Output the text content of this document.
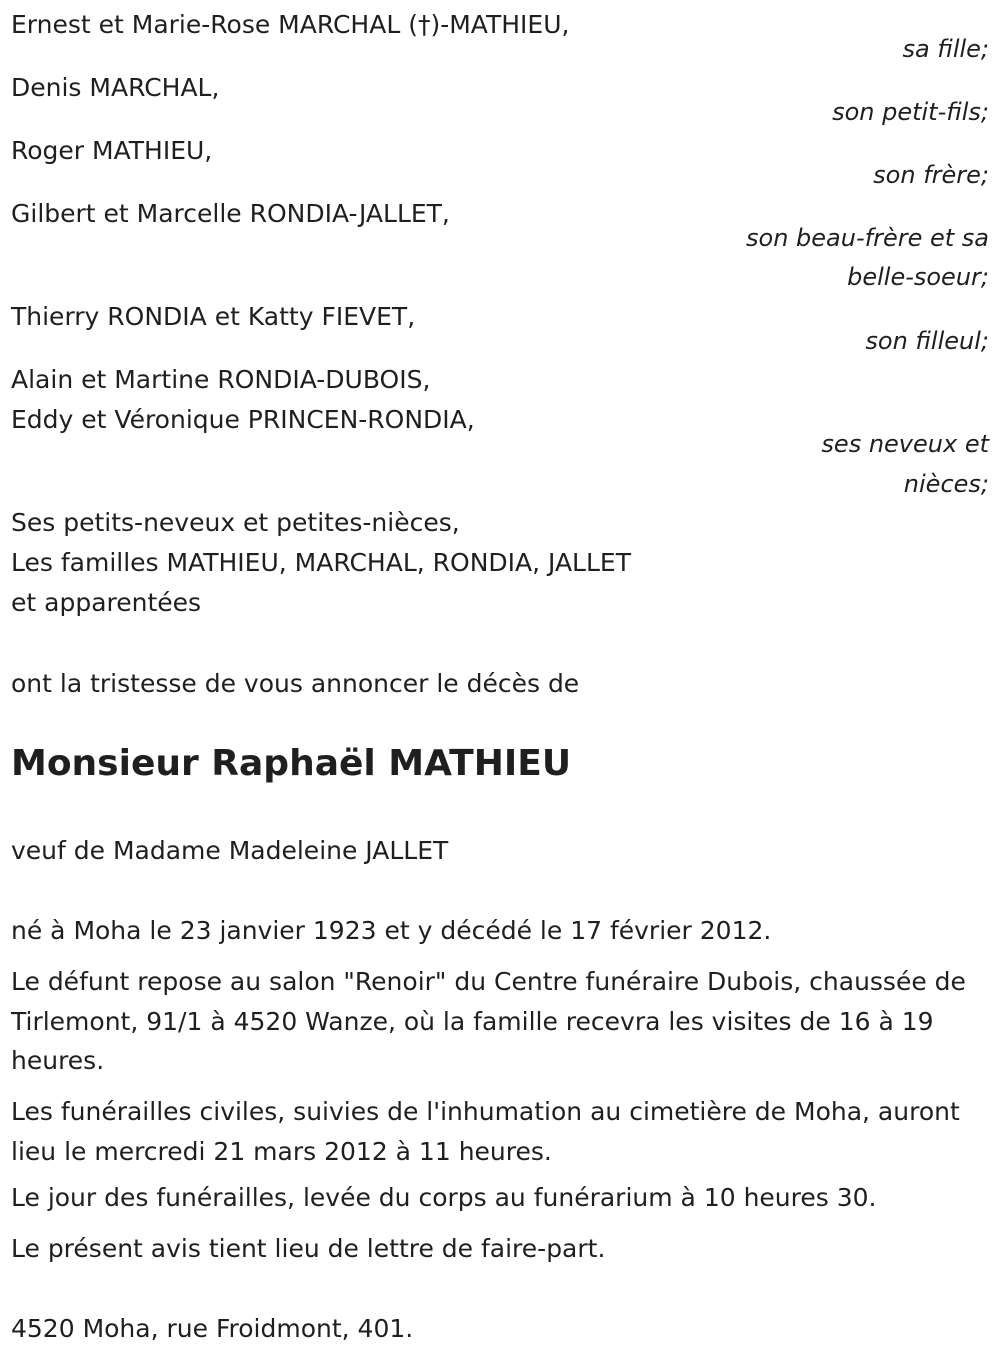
Ernest et Marie-Rose MARCHAL (†)-MATHIEU,
sa fille;
Denis MARCHAL,
son petit-fils;
Roger MATHIEU,
son frère;
Gilbert et Marcelle RONDIA-JALLET,
son beau-frère et sa
belle-soeur;
Thierry RONDIA et Katty FIEVET,
son filleul;
Alain et Martine RONDIA-DUBOIS,
Eddy et Véronique PRINCEN-RONDIA,
ses neveux et
nièces;
Ses petits-neveux et petites-nièces,
Les familles MATHIEU, MARCHAL, RONDIA, JALLET
et apparentées
ont la tristesse de vous annoncer le décès de
Monsieur Raphaël MATHIEU
veuf de Madame Madeleine JALLET
né à Moha le 23 janvier 1923 et y décédé le 17 février 2012.
Le défunt repose au salon "Renoir" du Centre funéraire Dubois, chaussée de Tirlemont, 91/1 à 4520 Wanze, où la famille recevra les visites de 16 à 19 heures.
Les funérailles civiles, suivies de l'inhumation au cimetière de Moha, auront lieu le mercredi 21 mars 2012 à 11 heures.
Le jour des funérailles, levée du corps au funérarium à 10 heures 30.
Le présent avis tient lieu de lettre de faire-part.
4520 Moha, rue Froidmont, 401.
